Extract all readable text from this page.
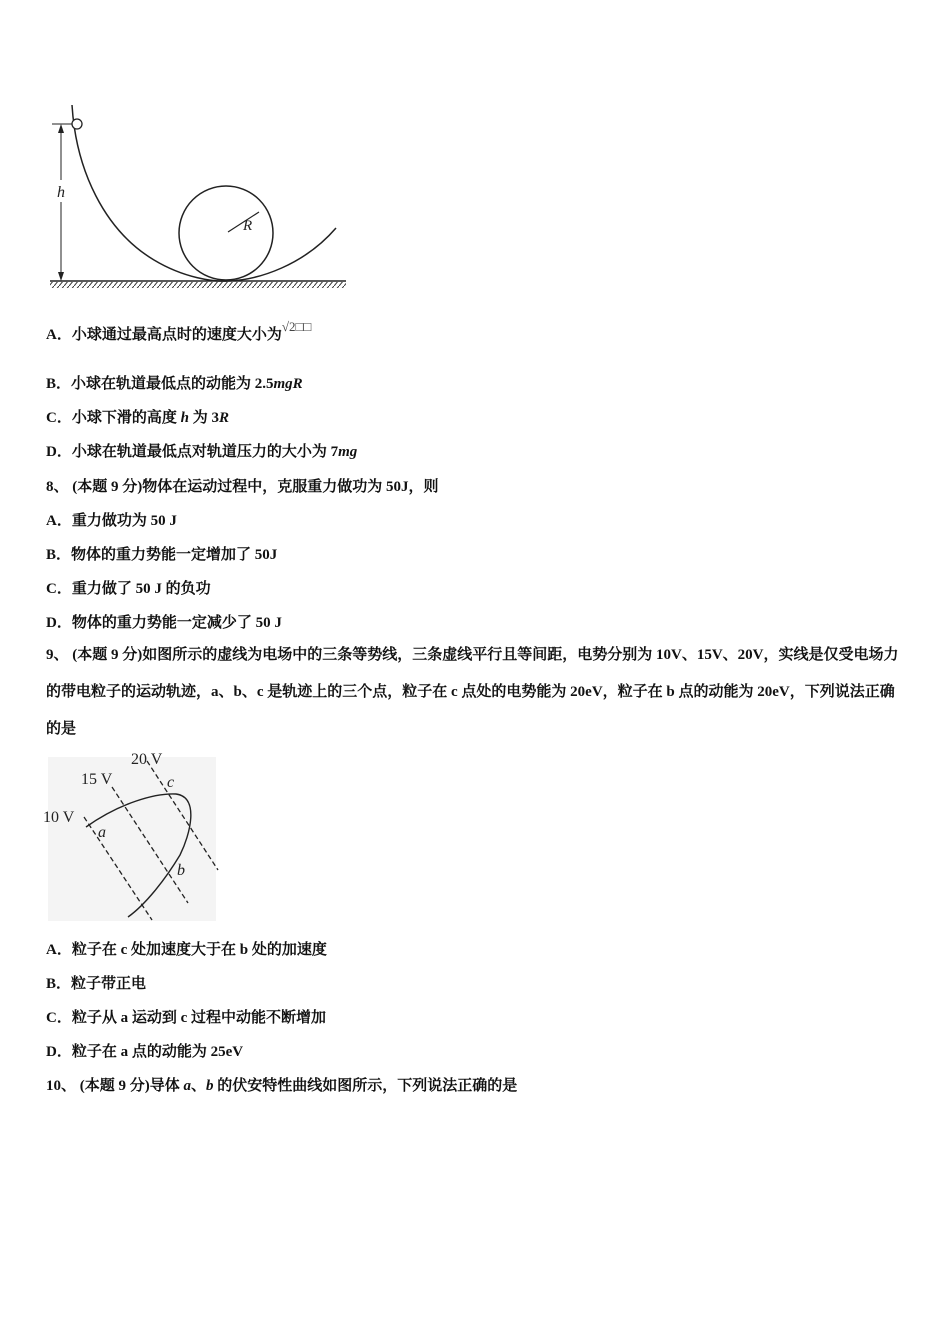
R
h
A．小球通过最高点时的速度大小为√2□□
B．小球在轨道最低点的动能为 2.5mgR
C．小球下滑的高度 h 为 3R
D．小球在轨道最低点对轨道压力的大小为 7mg
8、 (本题 9 分)物体在运动过程中，克服重力做功为 50J，则
A．重力做功为 50 J
B．物体的重力势能一定增加了 50J
C．重力做了 50 J 的负功
D．物体的重力势能一定减少了 50 J
9、 (本题 9 分)如图所示的虚线为电场中的三条等势线，三条虚线平行且等间距，电势分别为 10V、15V、20V，实线是仅受电场力的带电粒子的运动轨迹，a、b、c 是轨迹上的三个点，粒子在 c 点处的电势能为 20eV，粒子在 b 点的动能为 20eV，下列说法正确的是
10 V
15 V
20 V
a
b
c
A．粒子在 c 处加速度大于在 b 处的加速度
B．粒子带正电
C．粒子从 a 运动到 c 过程中动能不断增加
D．粒子在 a 点的动能为 25eV
10、 (本题 9 分)导体 a、b 的伏安特性曲线如图所示，下列说法正确的是
